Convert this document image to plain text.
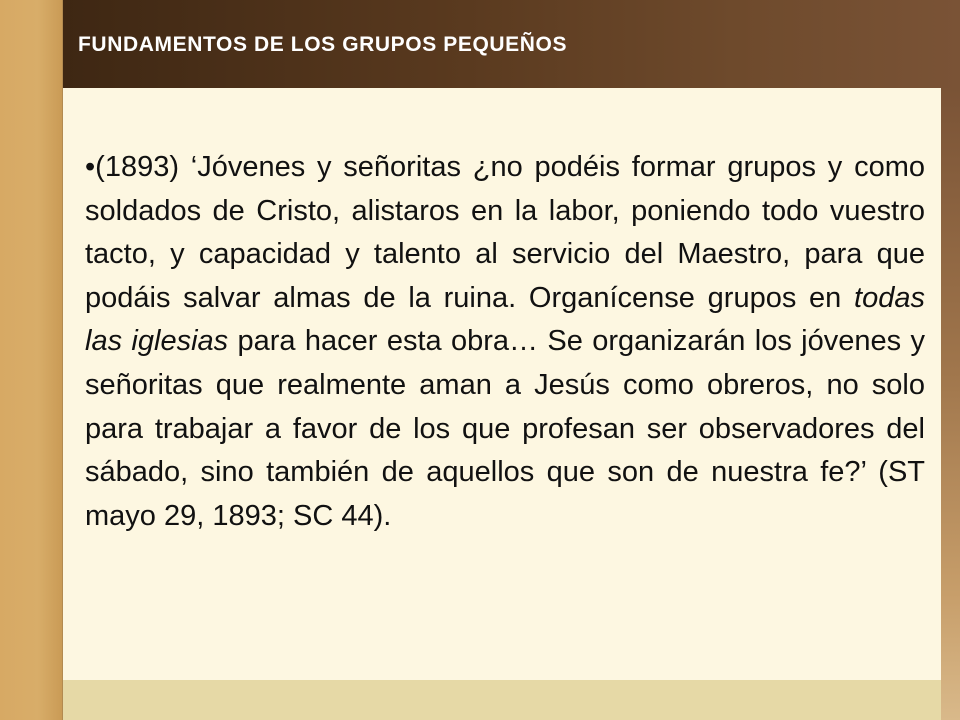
FUNDAMENTOS DE LOS GRUPOS PEQUEÑOS

•(1893) ‘Jóvenes y señoritas ¿no podéis formar grupos y como soldados de Cristo, alistaros en la labor, poniendo todo vuestro tacto, y capacidad y talento al servicio del Maestro, para que podáis salvar almas de la ruina. Organícense grupos en todas las iglesias para hacer esta obra… Se organizarán los jóvenes y señoritas que realmente aman a Jesús como obreros, no solo para trabajar a favor de los que profesan ser observadores del sábado, sino también de aquellos que son de nuestra fe?’ (ST mayo 29, 1893; SC 44).
